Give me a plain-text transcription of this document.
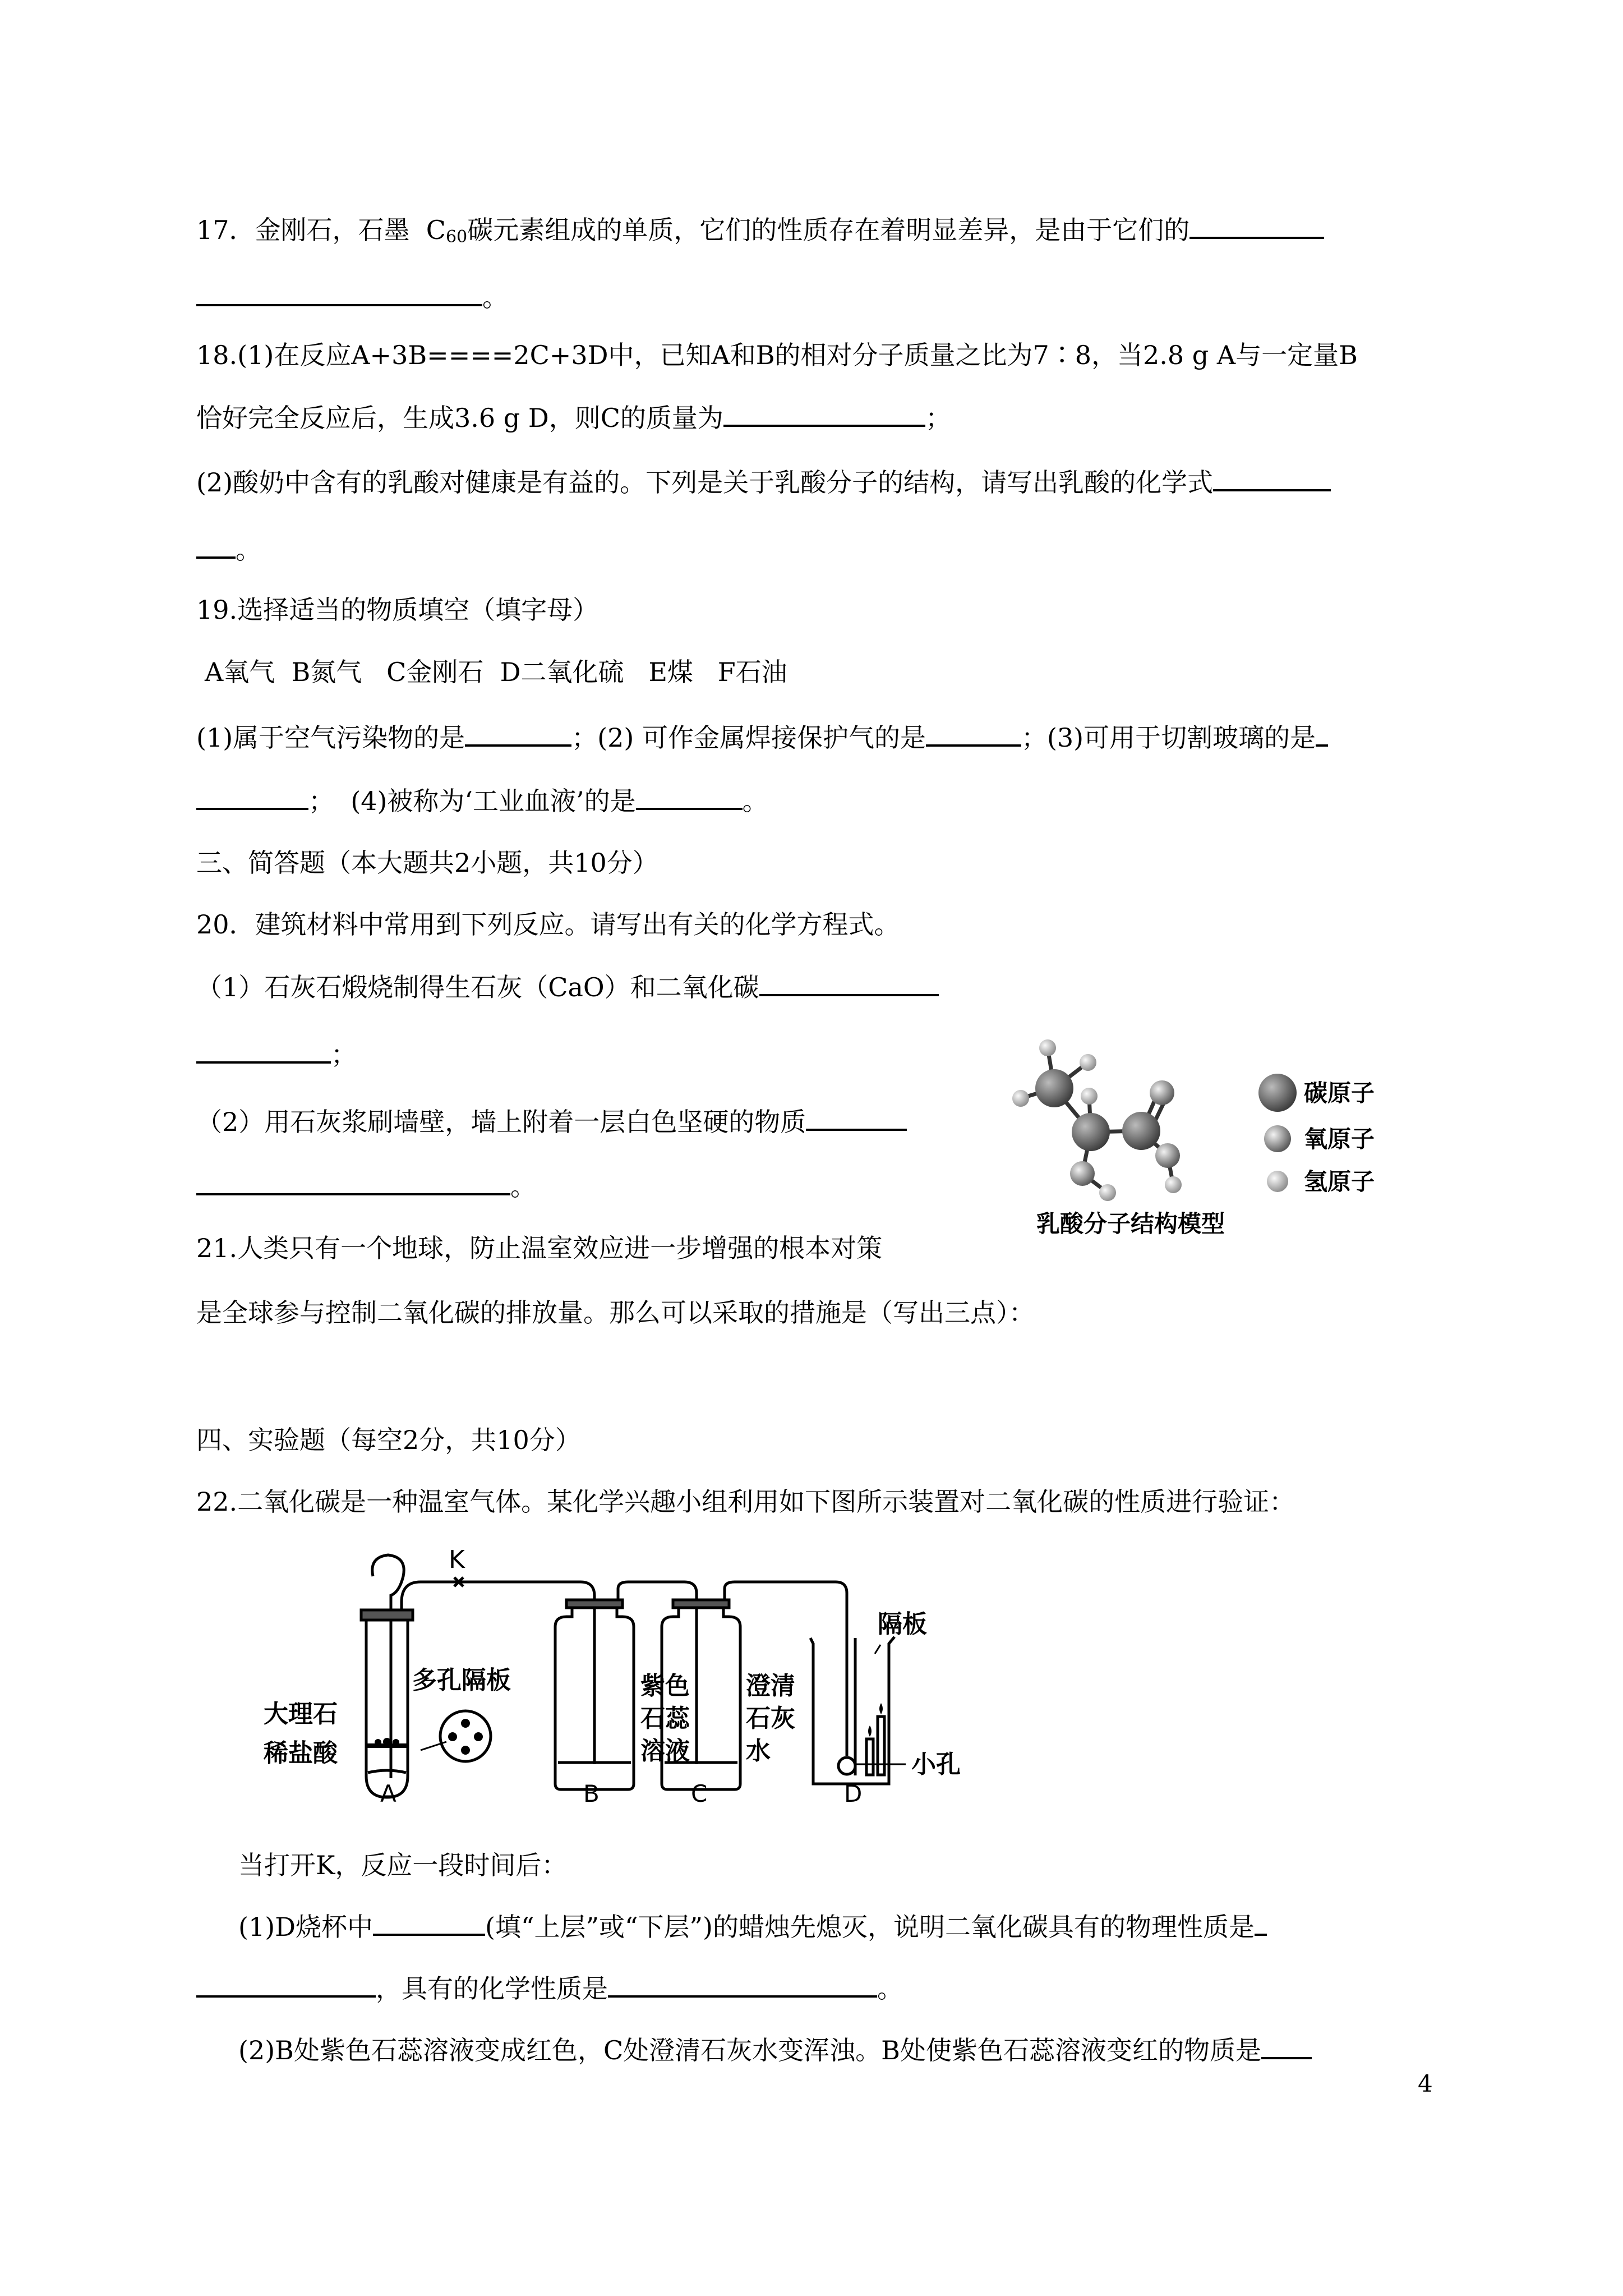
17．金刚石，石墨  $C_{60}$碳元素组成的单质，它们的性质存在着明显差异，是由于它们的

。

18.(1)在反应A+3B====2C+3D中，已知A和B的相对分子质量之比为7∶8，当2.8 g A与一定量B

恰好完全反应后，生成3.6 g D，则C的质量为	；

(2)酸奶中含有的乳酸对健康是有益的。下列是关于乳酸分子的结构，请写出乳酸的化学式

。

19.选择适当的物质填空（填字母）

A氧气  B氮气   C金刚石  D二氧化硫   E煤   F石油

(1)属于空气污染物的是	；(2) 可作金属焊接保护气的是	；(3)可用于切割玻璃的是

；  (4)被称为‘工业血液’的是	。

三、简答题（本大题共2小题，共10分）

20．建筑材料中常用到下列反应。请写出有关的化学方程式。

（1）石灰石煅烧制得生石灰（CaO）和二氧化碳

；

（2）用石灰浆刷墙壁，墙上附着一层白色坚硬的物质

。

碳原子
氧原子
氢原子
乳酸分子结构模型

21.人类只有一个地球，防止温室效应进一步增强的根本对策

是全球参与控制二氧化碳的排放量。那么可以采取的措施是（写出三点）：

四、实验题（每空2分，共10分）

22.二氧化碳是一种温室气体。某化学兴趣小组利用如下图所示装置对二氧化碳的性质进行验证：

K
大理石
稀盐酸
多孔隔板	紫色
石蕊
溶液
澄清
石灰
水
隔板
小孔
A	B	C	D

当打开K，反应一段时间后：

(1)D烧杯中	(填“上层”或“下层”)的蜡烛先熄灭，说明二氧化碳具有的物理性质是

，具有的化学性质是	。

(2)B处紫色石蕊溶液变成红色，C处澄清石灰水变浑浊。B处使紫色石蕊溶液变红的物质是

4
